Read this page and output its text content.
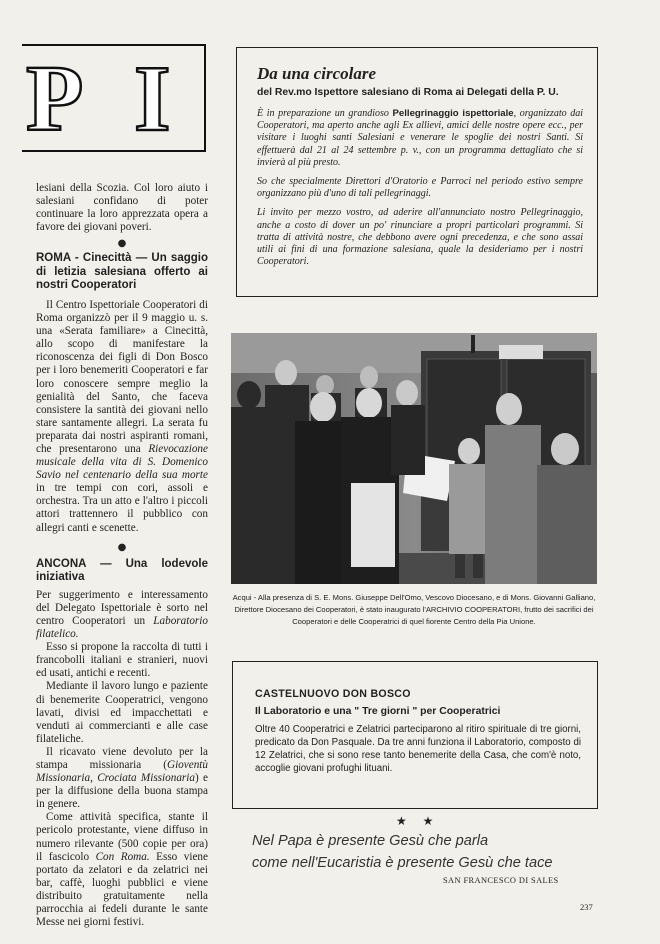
P I

lesiani della Scozia. Col loro aiuto i salesiani confidano di poter continuare la loro apprezzata opera a favore dei giovani poveri.

●

ROMA - Cinecittà — Un saggio di letizia salesiana offerto ai nostri Cooperatori

Il Centro Ispettoriale Cooperatori di Roma organizzò per il 9 maggio u. s. una «Serata familiare» a Cinecittà, allo scopo di manifestare la riconoscenza dei figli di Don Bosco per i loro benemeriti Cooperatori e far loro conoscere sempre meglio la genialità del Santo, che faceva consistere la santità dei giovani nello stare santamente allegri. La serata fu preparata dai nostri aspiranti romani, che presentarono una Rievocazione musicale della vita di S. Domenico Savio nel centenario della sua morte in tre tempi con cori, assoli e orchestra. Tra un atto e l'altro i piccoli attori trattennero il pubblico con allegri canti e scenette.

●

ANCONA — Una lodevole iniziativa

Per suggerimento e interessamento del Delegato Ispettoriale è sorto nel centro Cooperatori un Laboratorio filatelico.

Esso si propone la raccolta di tutti i francobolli italiani e stranieri, nuovi ed usati, antichi e recenti.

Mediante il lavoro lungo e paziente di benemerite Cooperatrici, vengono lavati, divisi ed impacchettati e venduti ai commercianti e alle case filateliche.

Il ricavato viene devoluto per la stampa missionaria (Gioventù Missionaria, Crociata Missionaria) e per la diffusione della buona stampa in genere.

Come attività specifica, stante il pericolo protestante, viene diffuso in numero rilevante (500 copie per ora) il fascicolo Con Roma. Esso viene portato da zelatori e da zelatrici nei bar, caffè, luoghi pubblici e viene distribuito gratuitamente nella parrocchia ai fedeli durante le sante Messe nei giorni festivi.

Da una circolare

del Rev.mo Ispettore salesiano di Roma ai Delegati della P. U.

È in preparazione un grandioso Pellegrinaggio ispettoriale, organizzato dai Cooperatori, ma aperto anche agli Ex allievi, amici delle nostre opere ecc., per visitare i luoghi santi Salesiani e venerare le spoglie dei nostri Santi. Si effettuerà dal 21 al 24 settembre p. v., con un programma dettagliato che si invierà al più presto.

So che specialmente Direttori d'Oratorio e Parroci nel periodo estivo sempre organizzano più d'uno di tali pellegrinaggi.

Li invito per mezzo vostro, ad aderire all'annunciato nostro Pellegrinaggio, anche a costo di dover un po' rinunciare a propri particolari programmi. Si tratta di attività nostre, che debbono avere ogni precedenza, e che sono assai utili ai fini di una formazione salesiana, quale la desideriamo per i nostri Cooperatori.

Acqui - Alla presenza di S. E. Mons. Giuseppe Dell'Omo, Vescovo Diocesano, e di Mons. Giovanni Galliano, Direttore Diocesano dei Cooperatori, è stato inaugurato l'ARCHIVIO COOPERATORI, frutto dei sacrifici dei Cooperatori e delle Cooperatrici di quel fiorente Centro della Pia Unione.

CASTELNUOVO DON BOSCO

Il Laboratorio e una " Tre giorni " per Cooperatrici

Oltre 40 Cooperatrici e Zelatrici parteciparono al ritiro spirituale di tre giorni, predicato da Don Pasquale. Da tre anni funziona il Laboratorio, composto di 12 Zelatrici, che si sono rese tanto benemerite della Casa, che com'è noto, accoglie giovani profughi lituani.

★ ★
Nel Papa è presente Gesù che parla
come nell'Eucaristia è presente Gesù che tace
SAN FRANCESCO DI SALES
237
